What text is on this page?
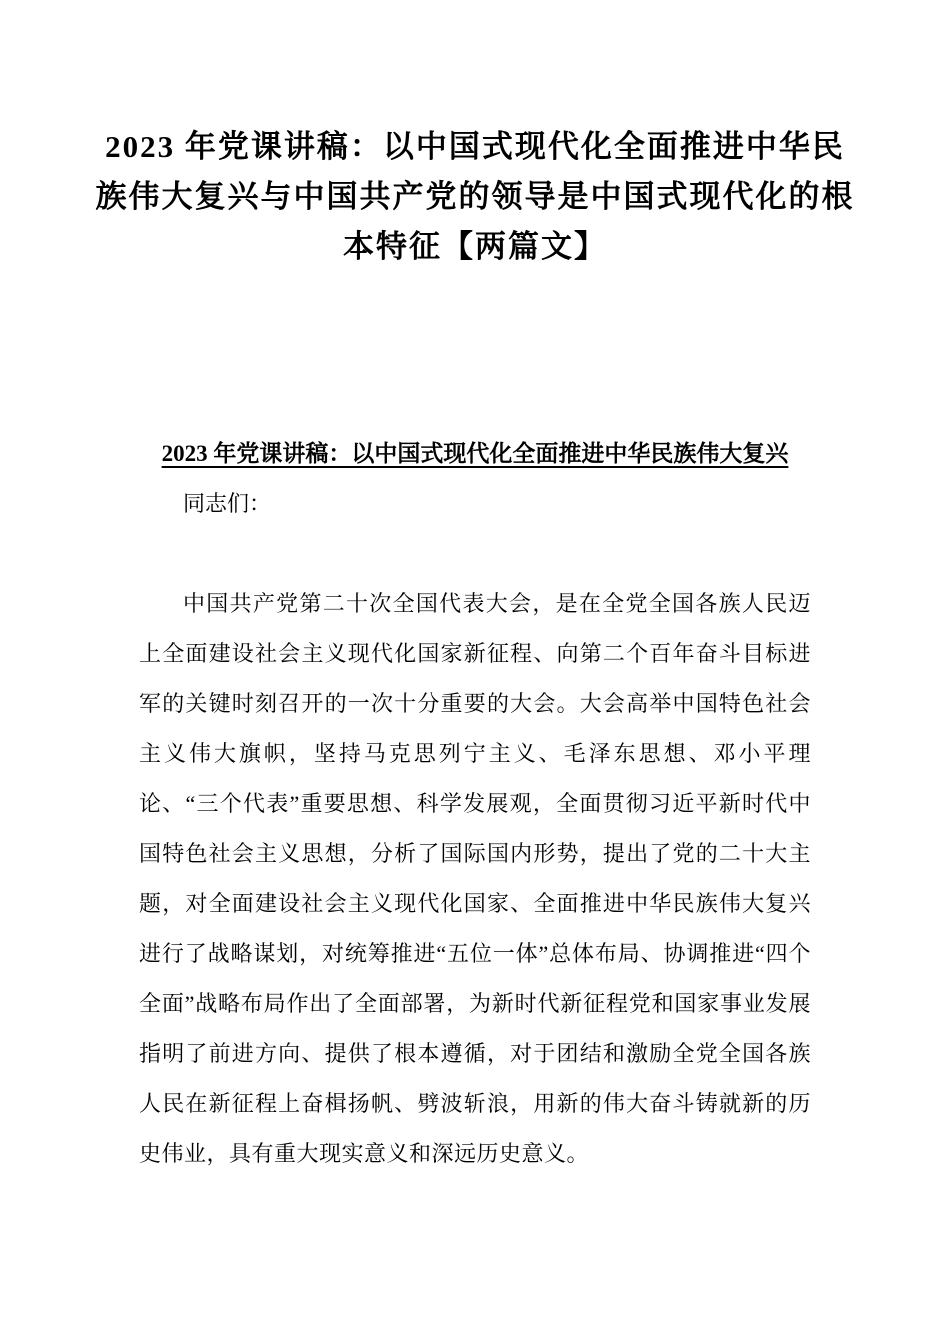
2023 年党课讲稿：以中国式现代化全面推进中华民
族伟大复兴与中国共产党的领导是中国式现代化的根
本特征【两篇文】
2023 年党课讲稿：以中国式现代化全面推进中华民族伟大复兴

同志们：

中国共产党第二十次全国代表大会，是在全党全国各族人民迈上全面建设社会主义现代化国家新征程、向第二个百年奋斗目标进军的关键时刻召开的一次十分重要的大会。大会高举中国特色社会主义伟大旗帜，坚持马克思列宁主义、毛泽东思想、邓小平理论、“三个代表”重要思想、科学发展观，全面贯彻习近平新时代中国特色社会主义思想，分析了国际国内形势，提出了党的二十大主题，对全面建设社会主义现代化国家、全面推进中华民族伟大复兴进行了战略谋划，对统筹推进“五位一体”总体布局、协调推进“四个全面”战略布局作出了全面部署，为新时代新征程党和国家事业发展指明了前进方向、提供了根本遵循，对于团结和激励全党全国各族人民在新征程上奋楫扬帆、劈波斩浪，用新的伟大奋斗铸就新的历史伟业，具有重大现实意义和深远历史意义。
